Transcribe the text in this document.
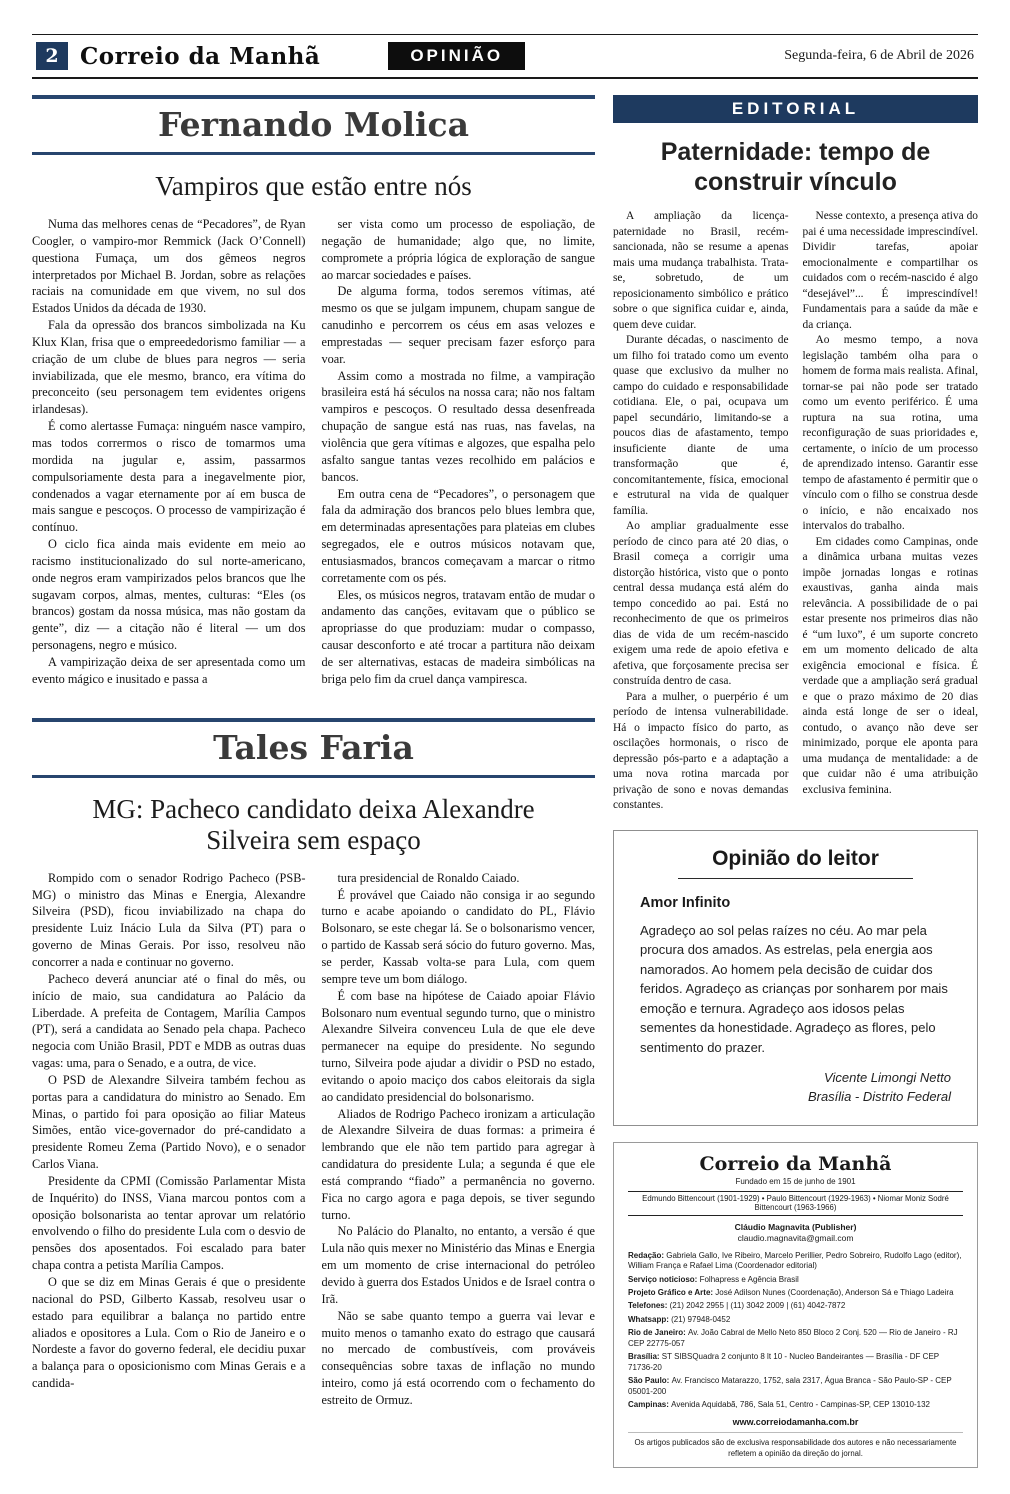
2 Correio da Manhã	OPINIÃO	Segunda-feira, 6 de Abril de 2026
Fernando Molica
Vampiros que estão entre nós

Numa das melhores cenas de “Pecadores”, de Ryan Coogler, o vampiro-mor Remmick (Jack O’Connell) questiona Fumaça, um dos gêmeos negros interpretados por Michael B. Jordan, sobre as relações raciais na comunidade em que vivem, no sul dos Estados Unidos da década de 1930.

Fala da opressão dos brancos simbolizada na Ku Klux Klan, frisa que o empreededorismo familiar — a criação de um clube de blues para negros — seria inviabilizada, que ele mesmo, branco, era vítima do preconceito (seu personagem tem evidentes origens irlandesas).

É como alertasse Fumaça: ninguém nasce vampiro, mas todos corrermos o risco de tomarmos uma mordida na jugular e, assim, passarmos compulsoriamente desta para a inegavelmente pior, condenados a vagar eternamente por aí em busca de mais sangue e pescoços. O processo de vampirização é contínuo.

O ciclo fica ainda mais evidente em meio ao racismo institucionalizado do sul norte-americano, onde negros eram vampirizados pelos brancos que lhe sugavam corpos, almas, mentes, culturas: “Eles (os brancos) gostam da nossa música, mas não gostam da gente”, diz — a citação não é literal — um dos personagens, negro e músico.

A vampirização deixa de ser apresentada como um evento mágico e inusitado e passa a

ser vista como um processo de espoliação, de negação de humanidade; algo que, no limite, compromete a própria lógica de exploração de sangue ao marcar sociedades e países.

De alguma forma, todos seremos vítimas, até mesmo os que se julgam impunem, chupam sangue de canudinho e percorrem os céus em asas velozes e emprestadas — sequer precisam fazer esforço para voar.

Assim como a mostrada no filme, a vampiração brasileira está há séculos na nossa cara; não nos faltam vampiros e pescoços. O resultado dessa desenfreada chupação de sangue está nas ruas, nas favelas, na violência que gera vítimas e algozes, que espalha pelo asfalto sangue tantas vezes recolhido em palácios e bancos.

Em outra cena de “Pecadores”, o personagem que fala da admiração dos brancos pelo blues lembra que, em determinadas apresentações para plateias em clubes segregados, ele e outros músicos notavam que, entusiasmados, brancos começavam a marcar o ritmo corretamente com os pés.

Eles, os músicos negros, tratavam então de mudar o andamento das canções, evitavam que o público se apropriasse do que produziam: mudar o compasso, causar desconforto e até trocar a partitura não deixam de ser alternativas, estacas de madeira simbólicas na briga pelo fim da cruel dança vampiresca.

Tales Faria
MG: Pacheco candidato deixa Alexandre Silveira sem espaço

Rompido com o senador Rodrigo Pacheco (PSB-MG) o ministro das Minas e Energia, Alexandre Silveira (PSD), ficou inviabilizado na chapa do presidente Luiz Inácio Lula da Silva (PT) para o governo de Minas Gerais. Por isso, resolveu não concorrer a nada e continuar no governo.

Pacheco deverá anunciar até o final do mês, ou início de maio, sua candidatura ao Palácio da Liberdade. A prefeita de Contagem, Marília Campos (PT), será a candidata ao Senado pela chapa. Pacheco negocia com União Brasil, PDT e MDB as outras duas vagas: uma, para o Senado, e a outra, de vice.

O PSD de Alexandre Silveira também fechou as portas para a candidatura do ministro ao Senado. Em Minas, o partido foi para oposição ao filiar Mateus Simões, então vice-governador do pré-candidato a presidente Romeu Zema (Partido Novo), e o senador Carlos Viana.

Presidente da CPMI (Comissão Parlamentar Mista de Inquérito) do INSS, Viana marcou pontos com a oposição bolsonarista ao tentar aprovar um relatório envolvendo o filho do presidente Lula com o desvio de pensões dos aposentados. Foi escalado para bater chapa contra a petista Marília Campos.

O que se diz em Minas Gerais é que o presidente nacional do PSD, Gilberto Kassab, resolveu usar o estado para equilibrar a balança no partido entre aliados e opositores a Lula. Com o Rio de Janeiro e o Nordeste a favor do governo federal, ele decidiu puxar a balança para o oposicionismo com Minas Gerais e a candida-

tura presidencial de Ronaldo Caiado.

É provável que Caiado não consiga ir ao segundo turno e acabe apoiando o candidato do PL, Flávio Bolsonaro, se este chegar lá. Se o bolsonarismo vencer, o partido de Kassab será sócio do futuro governo. Mas, se perder, Kassab volta-se para Lula, com quem sempre teve um bom diálogo.

É com base na hipótese de Caiado apoiar Flávio Bolsonaro num eventual segundo turno, que o ministro Alexandre Silveira convenceu Lula de que ele deve permanecer na equipe do presidente. No segundo turno, Silveira pode ajudar a dividir o PSD no estado, evitando o apoio maciço dos cabos eleitorais da sigla ao candidato presidencial do bolsonarismo.

Aliados de Rodrigo Pacheco ironizam a articulação de Alexandre Silveira de duas formas: a primeira é lembrando que ele não tem partido para agregar à candidatura do presidente Lula; a segunda é que ele está comprando “fiado” a permanência no governo. Fica no cargo agora e paga depois, se tiver segundo turno.

No Palácio do Planalto, no entanto, a versão é que Lula não quis mexer no Ministério das Minas e Energia em um momento de crise internacional do petróleo devido à guerra dos Estados Unidos e de Israel contra o Irã.

Não se sabe quanto tempo a guerra vai levar e muito menos o tamanho exato do estrago que causará no mercado de combustíveis, com prováveis consequências sobre taxas de inflação no mundo inteiro, como já está ocorrendo com o fechamento do estreito de Ormuz.

EDITORIAL
Paternidade: tempo de construir vínculo

A ampliação da licença-paternidade no Brasil, recém-sancionada, não se resume a apenas mais uma mudança trabalhista. Trata-se, sobretudo, de um reposicionamento simbólico e prático sobre o que significa cuidar e, ainda, quem deve cuidar.

Durante décadas, o nascimento de um filho foi tratado como um evento quase que exclusivo da mulher no campo do cuidado e responsabilidade cotidiana. Ele, o pai, ocupava um papel secundário, limitando-se a poucos dias de afastamento, tempo insuficiente diante de uma transformação que é, concomitantemente, física, emocional e estrutural na vida de qualquer família.

Ao ampliar gradualmente esse período de cinco para até 20 dias, o Brasil começa a corrigir uma distorção histórica, visto que o ponto central dessa mudança está além do tempo concedido ao pai. Está no reconhecimento de que os primeiros dias de vida de um recém-nascido exigem uma rede de apoio efetiva e afetiva, que forçosamente precisa ser construída dentro de casa.

Para a mulher, o puerpério é um período de intensa vulnerabilidade. Há o impacto físico do parto, as oscilações hormonais, o risco de depressão pós-parto e a adaptação a uma nova rotina marcada por privação de sono e novas demandas constantes.

Nesse contexto, a presença ativa do pai é uma necessidade imprescindível. Dividir tarefas, apoiar emocionalmente e compartilhar os cuidados com o recém-nascido é algo “desejável”... É imprescindível! Fundamentais para a saúde da mãe e da criança.

Ao mesmo tempo, a nova legislação também olha para o homem de forma mais realista. Afinal, tornar-se pai não pode ser tratado como um evento periférico. É uma ruptura na sua rotina, uma reconfiguração de suas prioridades e, certamente, o início de um processo de aprendizado intenso. Garantir esse tempo de afastamento é permitir que o vínculo com o filho se construa desde o início, e não encaixado nos intervalos do trabalho.

Em cidades como Campinas, onde a dinâmica urbana muitas vezes impõe jornadas longas e rotinas exaustivas, ganha ainda mais relevância. A possibilidade de o pai estar presente nos primeiros dias não é “um luxo”, é um suporte concreto em um momento delicado de alta exigência emocional e física. É verdade que a ampliação será gradual e que o prazo máximo de 20 dias ainda está longe de ser o ideal, contudo, o avanço não deve ser minimizado, porque ele aponta para uma mudança de mentalidade: a de que cuidar não é uma atribuição exclusiva feminina.

Opinião do leitor
Amor Infinito

Agradeço ao sol pelas raízes no céu. Ao mar pela procura dos amados. As estrelas, pela energia aos namorados. Ao homem pela decisão de cuidar dos feridos. Agradeço as crianças por sonharem por mais emoção e ternura. Agradeço aos idosos pelas sementes da honestidade. Agradeço as flores, pelo sentimento do prazer.

Vicente Limongi Netto
Brasília - Distrito Federal
Correio da Manhã
Fundado em 15 de junho de 1901
Edmundo Bittencourt (1901-1929) • Paulo Bittencourt (1929-1963) • Niomar Moniz Sodré Bittencourt (1963-1966)
Cláudio Magnavita (Publisher)
claudio.magnavita@gmail.com

Redação: Gabriela Gallo, Ive Ribeiro, Marcelo Perillier, Pedro Sobreiro, Rudolfo Lago (editor), William França e Rafael Lima (Coordenador editorial)

Serviço noticioso: Folhapress e Agência Brasil

Projeto Gráfico e Arte: José Adilson Nunes (Coordenação), Anderson Sá e Thiago Ladeira

Telefones: (21) 2042 2955 | (11) 3042 2009 | (61) 4042-7872

Whatsapp: (21) 97948-0452

Rio de Janeiro: Av. João Cabral de Mello Neto 850 Bloco 2 Conj. 520 — Rio de Janeiro - RJ CEP 22775-057

Brasília: ST SIBSQuadra 2 conjunto 8 lt 10 - Nucleo Bandeirantes — Brasília - DF CEP 71736-20

São Paulo: Av. Francisco Matarazzo, 1752, sala 2317, Água Branca - São Paulo-SP - CEP 05001-200

Campinas: Avenida Aquidabã, 786, Sala 51, Centro - Campinas-SP, CEP 13010-132

www.correiodamanha.com.br
Os artigos publicados são de exclusiva responsabilidade dos autores e não necessariamente refletem a opinião da direção do jornal.
